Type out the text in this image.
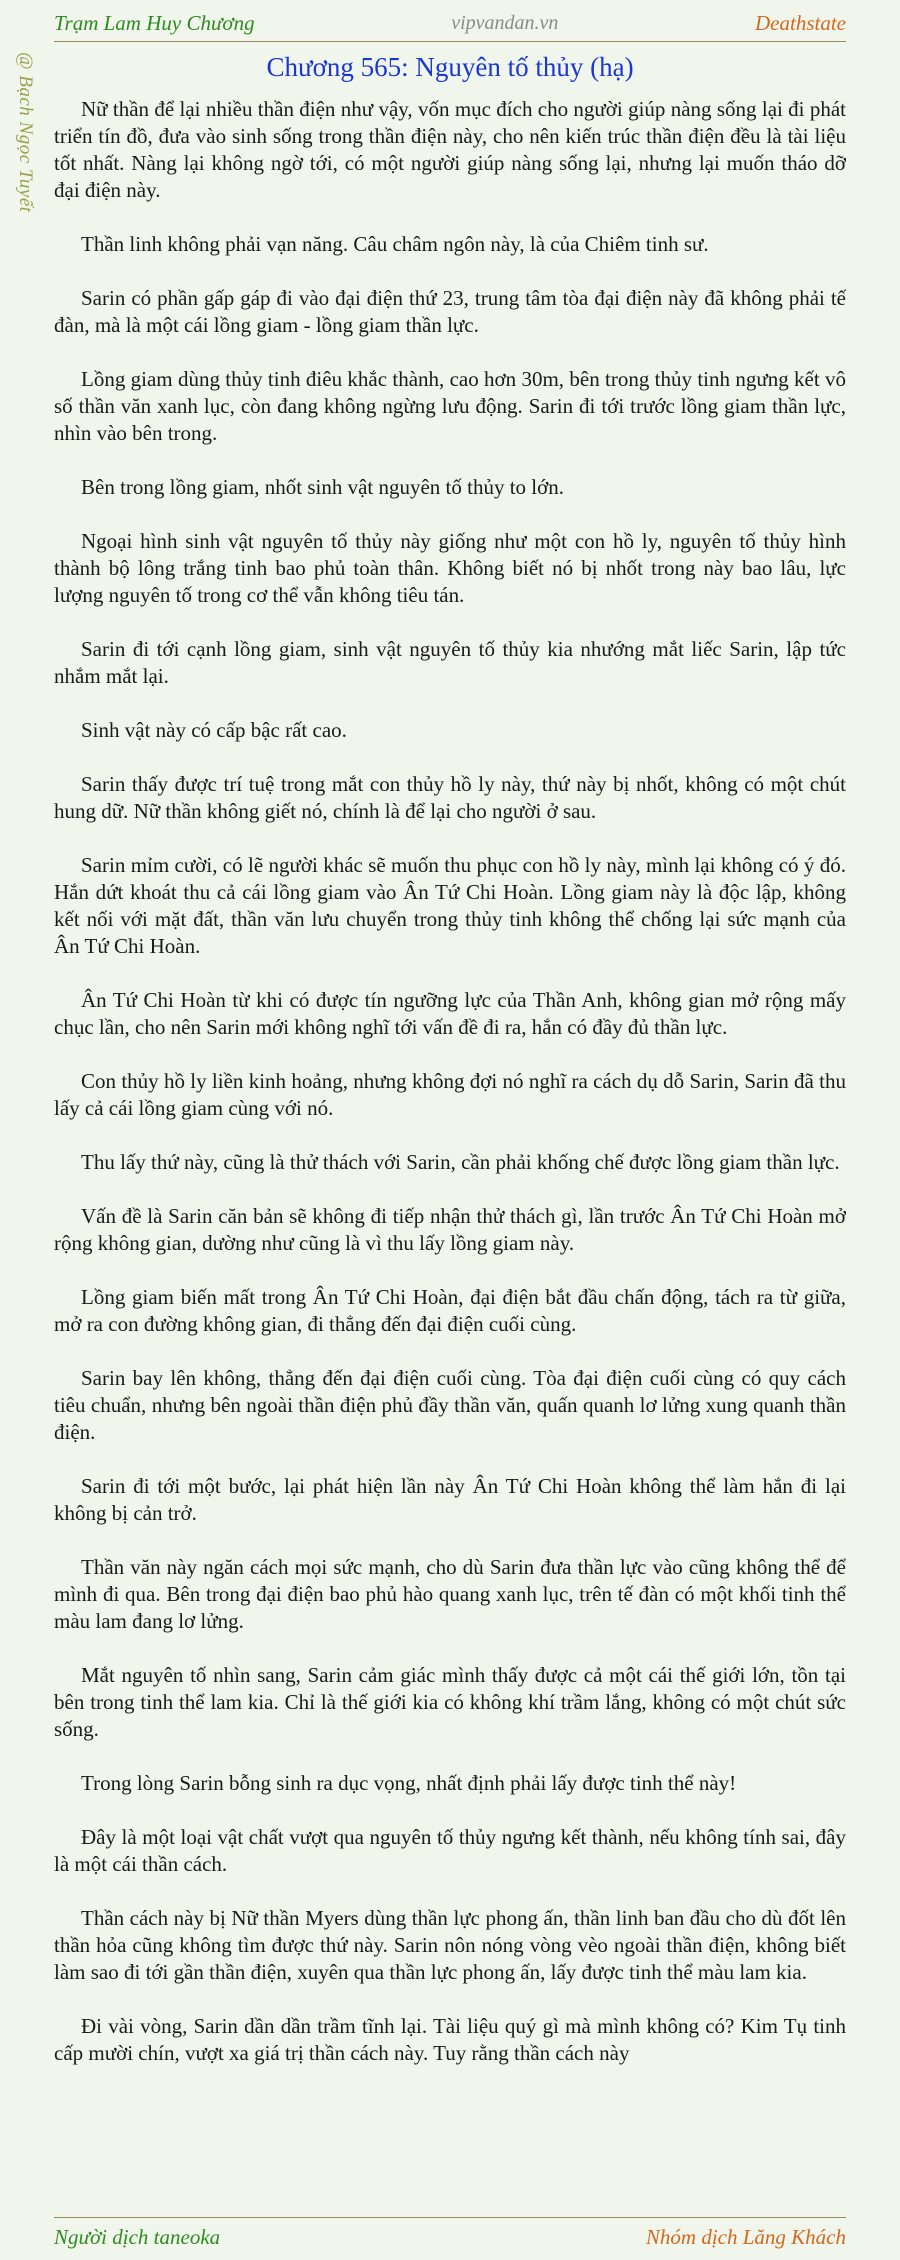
Trạm Lam Huy Chương	vipvandan.vn	Deathstate
@ Bạch Ngọc Tuyết	Chương 565: Nguyên tố thủy (hạ)

Nữ thần để lại nhiều thần điện như vậy, vốn mục đích cho người giúp nàng sống lại đi phát triển tín đồ, đưa vào sinh sống trong thần điện này, cho nên kiến trúc thần điện đều là tài liệu tốt nhất. Nàng lại không ngờ tới, có một người giúp nàng sống lại, nhưng lại muốn tháo dỡ đại điện này.

Thần linh không phải vạn năng. Câu châm ngôn này, là của Chiêm tinh sư.

Sarin có phần gấp gáp đi vào đại điện thứ 23, trung tâm tòa đại điện này đã không phải tế đàn, mà là một cái lồng giam - lồng giam thần lực.

Lồng giam dùng thủy tinh điêu khắc thành, cao hơn 30m, bên trong thủy tinh ngưng kết vô số thần văn xanh lục, còn đang không ngừng lưu động. Sarin đi tới trước lồng giam thần lực, nhìn vào bên trong.

Bên trong lồng giam, nhốt sinh vật nguyên tố thủy to lớn.

Ngoại hình sinh vật nguyên tố thủy này giống như một con hồ ly, nguyên tố thủy hình thành bộ lông trắng tinh bao phủ toàn thân. Không biết nó bị nhốt trong này bao lâu, lực lượng nguyên tố trong cơ thể vẫn không tiêu tán.

Sarin đi tới cạnh lồng giam, sinh vật nguyên tố thủy kia nhướng mắt liếc Sarin, lập tức nhắm mắt lại.

Sinh vật này có cấp bậc rất cao.

Sarin thấy được trí tuệ trong mắt con thủy hồ ly này, thứ này bị nhốt, không có một chút hung dữ. Nữ thần không giết nó, chính là để lại cho người ở sau.

Sarin mỉm cười, có lẽ người khác sẽ muốn thu phục con hồ ly này, mình lại không có ý đó. Hắn dứt khoát thu cả cái lồng giam vào Ân Tứ Chi Hoàn. Lồng giam này là độc lập, không kết nối với mặt đất, thần văn lưu chuyển trong thủy tinh không thể chống lại sức mạnh của Ân Tứ Chi Hoàn.

Ân Tứ Chi Hoàn từ khi có được tín ngưỡng lực của Thần Anh, không gian mở rộng mấy chục lần, cho nên Sarin mới không nghĩ tới vấn đề đi ra, hắn có đầy đủ thần lực.

Con thủy hồ ly liền kinh hoảng, nhưng không đợi nó nghĩ ra cách dụ dỗ Sarin, Sarin đã thu lấy cả cái lồng giam cùng với nó.

Thu lấy thứ này, cũng là thử thách với Sarin, cần phải khống chế được lồng giam thần lực.

Vấn đề là Sarin căn bản sẽ không đi tiếp nhận thử thách gì, lần trước Ân Tứ Chi Hoàn mở rộng không gian, dường như cũng là vì thu lấy lồng giam này.

Lồng giam biến mất trong Ân Tứ Chi Hoàn, đại điện bắt đầu chấn động, tách ra từ giữa, mở ra con đường không gian, đi thẳng đến đại điện cuối cùng.

Sarin bay lên không, thẳng đến đại điện cuối cùng. Tòa đại điện cuối cùng có quy cách tiêu chuẩn, nhưng bên ngoài thần điện phủ đầy thần văn, quấn quanh lơ lửng xung quanh thần điện.

Sarin đi tới một bước, lại phát hiện lần này Ân Tứ Chi Hoàn không thể làm hắn đi lại không bị cản trở.

Thần văn này ngăn cách mọi sức mạnh, cho dù Sarin đưa thần lực vào cũng không thể để mình đi qua. Bên trong đại điện bao phủ hào quang xanh lục, trên tế đàn có một khối tinh thể màu lam đang lơ lửng.

Mắt nguyên tố nhìn sang, Sarin cảm giác mình thấy được cả một cái thế giới lớn, tồn tại bên trong tinh thể lam kia. Chỉ là thế giới kia có không khí trầm lắng, không có một chút sức sống.

Trong lòng Sarin bỗng sinh ra dục vọng, nhất định phải lấy được tinh thể này!

Đây là một loại vật chất vượt qua nguyên tố thủy ngưng kết thành, nếu không tính sai, đây là một cái thần cách.

Thần cách này bị Nữ thần Myers dùng thần lực phong ấn, thần linh ban đầu cho dù đốt lên thần hỏa cũng không tìm được thứ này. Sarin nôn nóng vòng vèo ngoài thần điện, không biết làm sao đi tới gần thần điện, xuyên qua thần lực phong ấn, lấy được tinh thể màu lam kia.

Đi vài vòng, Sarin dần dần trầm tĩnh lại. Tài liệu quý gì mà mình không có? Kim Tụ tinh cấp mười chín, vượt xa giá trị thần cách này. Tuy rằng thần cách này

Người dịch taneoka	Nhóm dịch Lăng Khách
